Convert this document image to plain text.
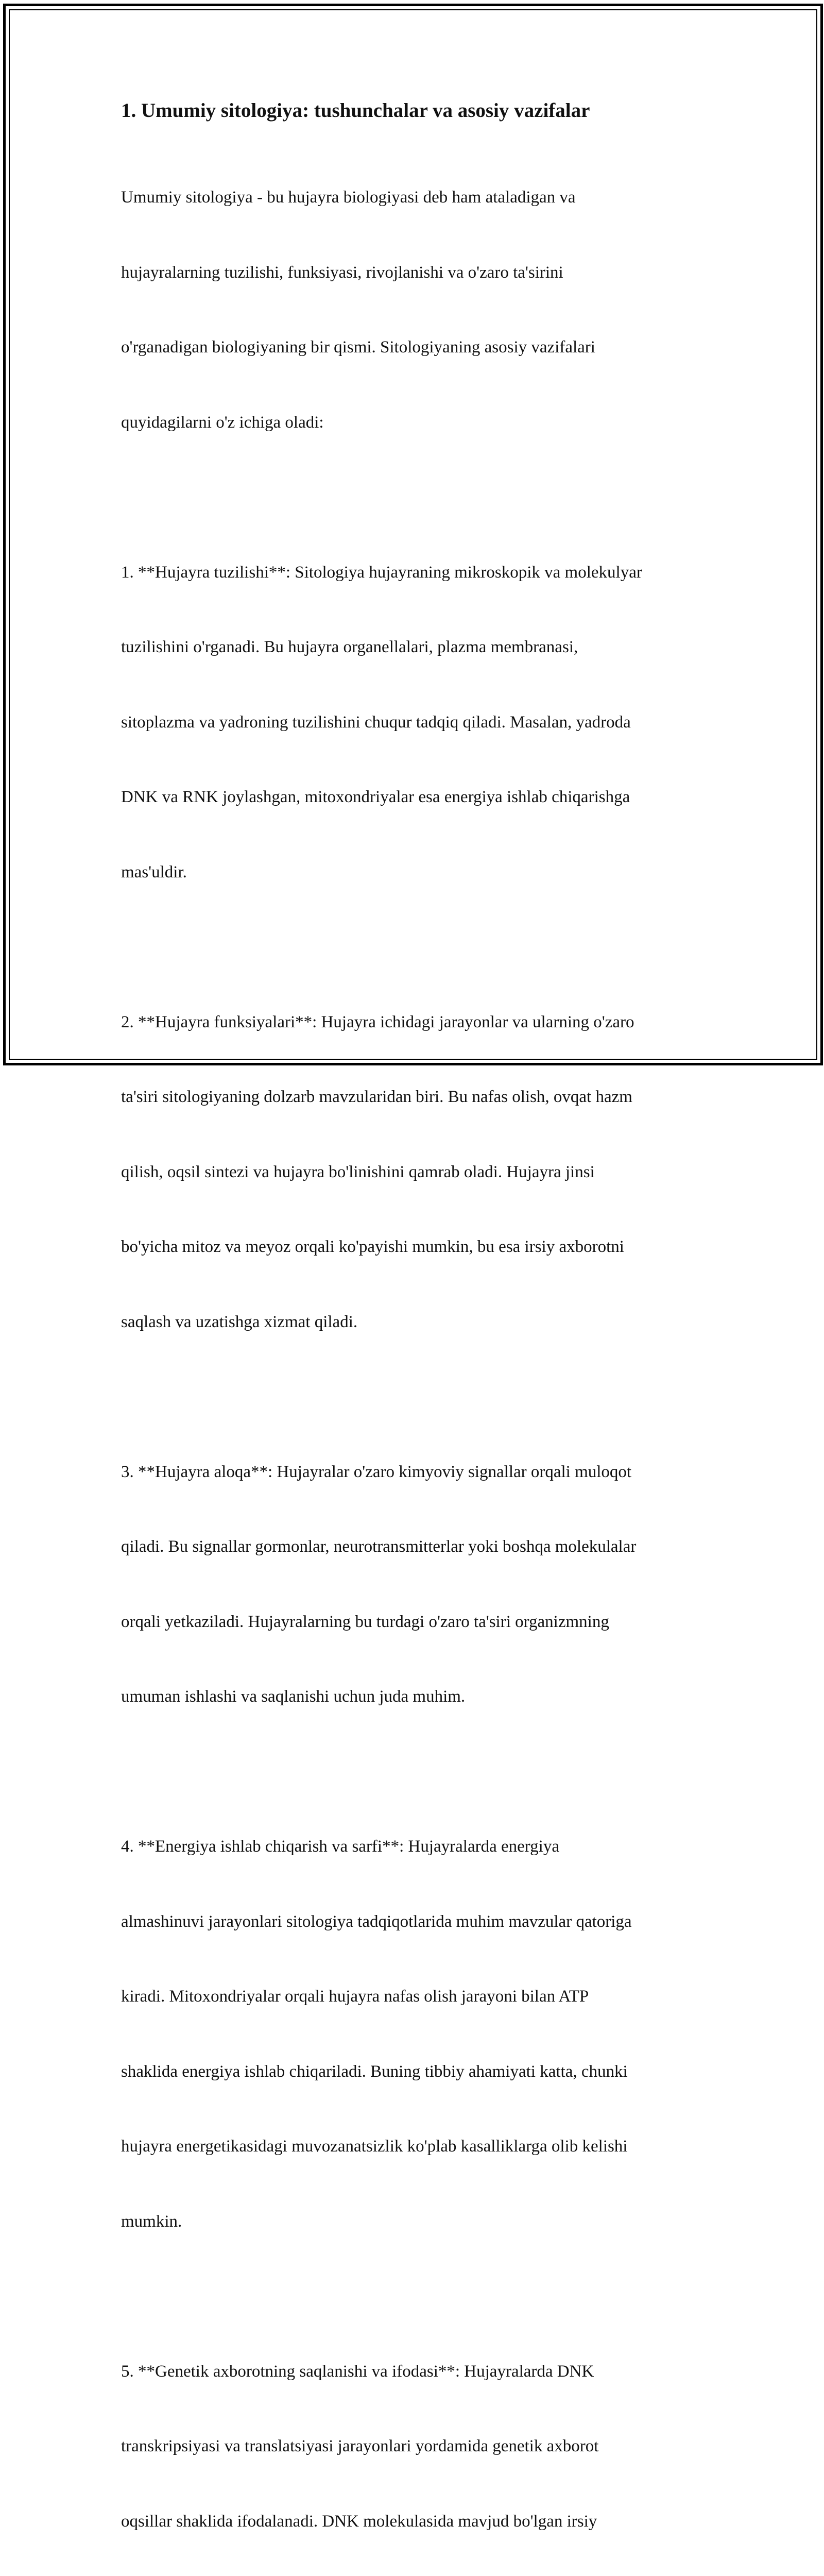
1. Umumiy sitologiya: tushunchalar va asosiy vazifalar

Umumiy sitologiya - bu hujayra biologiyasi deb ham ataladigan va

hujayralarning tuzilishi, funksiyasi, rivojlanishi va o'zaro ta'sirini

o'rganadigan biologiyaning bir qismi. Sitologiyaning asosiy vazifalari

quyidagilarni o'z ichiga oladi:

1. **Hujayra tuzilishi**: Sitologiya hujayraning mikroskopik va molekulyar

tuzilishini o'rganadi. Bu hujayra organellalari, plazma membranasi,

sitoplazma va yadroning tuzilishini chuqur tadqiq qiladi. Masalan, yadroda

DNK va RNK joylashgan, mitoxondriyalar esa energiya ishlab chiqarishga

mas'uldir.

2. **Hujayra funksiyalari**: Hujayra ichidagi jarayonlar va ularning o'zaro

ta'siri sitologiyaning dolzarb mavzularidan biri. Bu nafas olish, ovqat hazm

qilish, oqsil sintezi va hujayra bo'linishini qamrab oladi. Hujayra jinsi

bo'yicha mitoz va meyoz orqali ko'payishi mumkin, bu esa irsiy axborotni

saqlash va uzatishga xizmat qiladi.

3. **Hujayra aloqa**: Hujayralar o'zaro kimyoviy signallar orqali muloqot

qiladi. Bu signallar gormonlar, neurotransmitterlar yoki boshqa molekulalar

orqali yetkaziladi. Hujayralarning bu turdagi o'zaro ta'siri organizmning

umuman ishlashi va saqlanishi uchun juda muhim.

4. **Energiya ishlab chiqarish va sarfi**: Hujayralarda energiya

almashinuvi jarayonlari sitologiya tadqiqotlarida muhim mavzular qatoriga

kiradi. Mitoxondriyalar orqali hujayra nafas olish jarayoni bilan ATP

shaklida energiya ishlab chiqariladi. Buning tibbiy ahamiyati katta, chunki

hujayra energetikasidagi muvozanatsizlik ko'plab kasalliklarga olib kelishi

mumkin.

5. **Genetik axborotning saqlanishi va ifodasi**: Hujayralarda DNK

transkripsiyasi va translatsiyasi jarayonlari yordamida genetik axborot

oqsillar shaklida ifodalanadi. DNK molekulasida mavjud bo'lgan irsiy
